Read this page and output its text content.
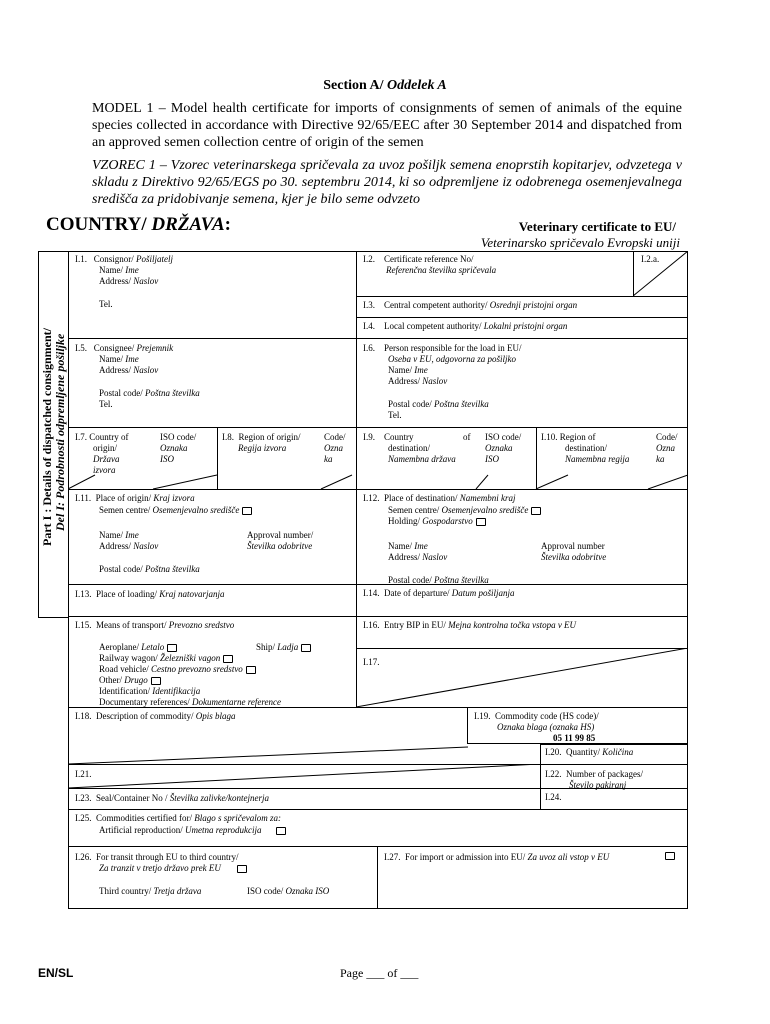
Section A/ Oddelek A
MODEL 1 – Model health certificate for imports of consignments of semen of animals of the equine species collected in accordance with Directive 92/65/EEC after 30 September 2014 and dispatched from an approved semen collection centre of origin of the semen
VZOREC 1 – Vzorec veterinarskega spričevala za uvoz pošiljk semena enoprstih kopitarjev, odvzetega v skladu z Direktivo 92/65/EGS po 30. septembru 2014, ki so odpremljene iz odobrenega osemenjevalnega središča za pridobivanje semena, kjer je bilo seme odvzeto
COUNTRY/ DRŽAVA:	Veterinary certificate to EU/
Veterinarsko spričevalo Evropski uniji
Part I : Details of dispatched consignment/ Del I: Podrobnosti odpremljene pošiljke
I.1. Consignor/ Pošiljatelj
Name/ Ime
Address/ Naslov
Tel.
I.2. Certificate reference No/
Referenčna številka spričevala
I.2.a.
I.3. Central competent authority/ Osrednji pristojni organ
I.4. Local competent authority/ Lokalni pristojni organ
I.5. Consignee/ Prejemnik
Name/ Ime
Address/ Naslov
Postal code/ Poštna številka
Tel.
I.6. Person responsible for the load in EU/
Oseba v EU, odgovorna za pošiljko
Name/ Ime
Address/ Naslov
Postal code/ Poštna številka
Tel.
I.7. Country of
origin/
Država
izvora
ISO code/
Oznaka
ISO
I.8. Region of origin/
Regija izvora
Code/
Ozna
ka
I.9. Country	of
destination/
Namembna država
ISO code/
Oznaka
ISO
I.10. Region of
destination/
Namembna regija
Code/
Ozna
ka
I.11. Place of origin/ Kraj izvora
Semen centre/ Osemenjevalno središče
Name/ Ime
Address/ Naslov
Approval number/
Številka odobritve
Postal code/ Poštna številka
I.12. Place of destination/ Namembni kraj
Semen centre/ Osemenjevalno središče
Holding/ Gospodarstvo
Name/ Ime
Address/ Naslov
Approval number
Številka odobritve
Postal code/ Poštna številka
I.13. Place of loading/ Kraj natovarjanja	I.14. Date of departure/ Datum pošiljanja
I.15. Means of transport/ Prevozno sredstvo
Aeroplane/ Letalo	Ship/ Ladja
Railway wagon/ Železniški vagon
Road vehicle/ Cestno prevozno sredstvo
Other/ Drugo
Identification/ Identifikacija
Documentary references/ Dokumentarne reference
I.16. Entry BIP in EU/ Mejna kontrolna točka vstopa v EU
I.17.
I.18. Description of commodity/ Opis blaga	I.19. Commodity code (HS code)/
Oznaka blaga (oznaka HS)
05 11 99 85
I.20. Quantity/ Količina
I.21.	I.22. Number of packages/
Število pakiranj
I.23. Seal/Container No / Številka zalivke/kontejnerja	I.24.
I.25. Commodities certified for/ Blago s spričevalom za:
Artificial reproduction/ Umetna reprodukcija
I.26. For transit through EU to third country/
Za tranzit v tretjo državo prek EU
Third country/ Tretja država	ISO code/ Oznaka ISO
I.27. For import or admission into EU/ Za uvoz ali vstop v EU
EN/SL	Page ___ of ___
